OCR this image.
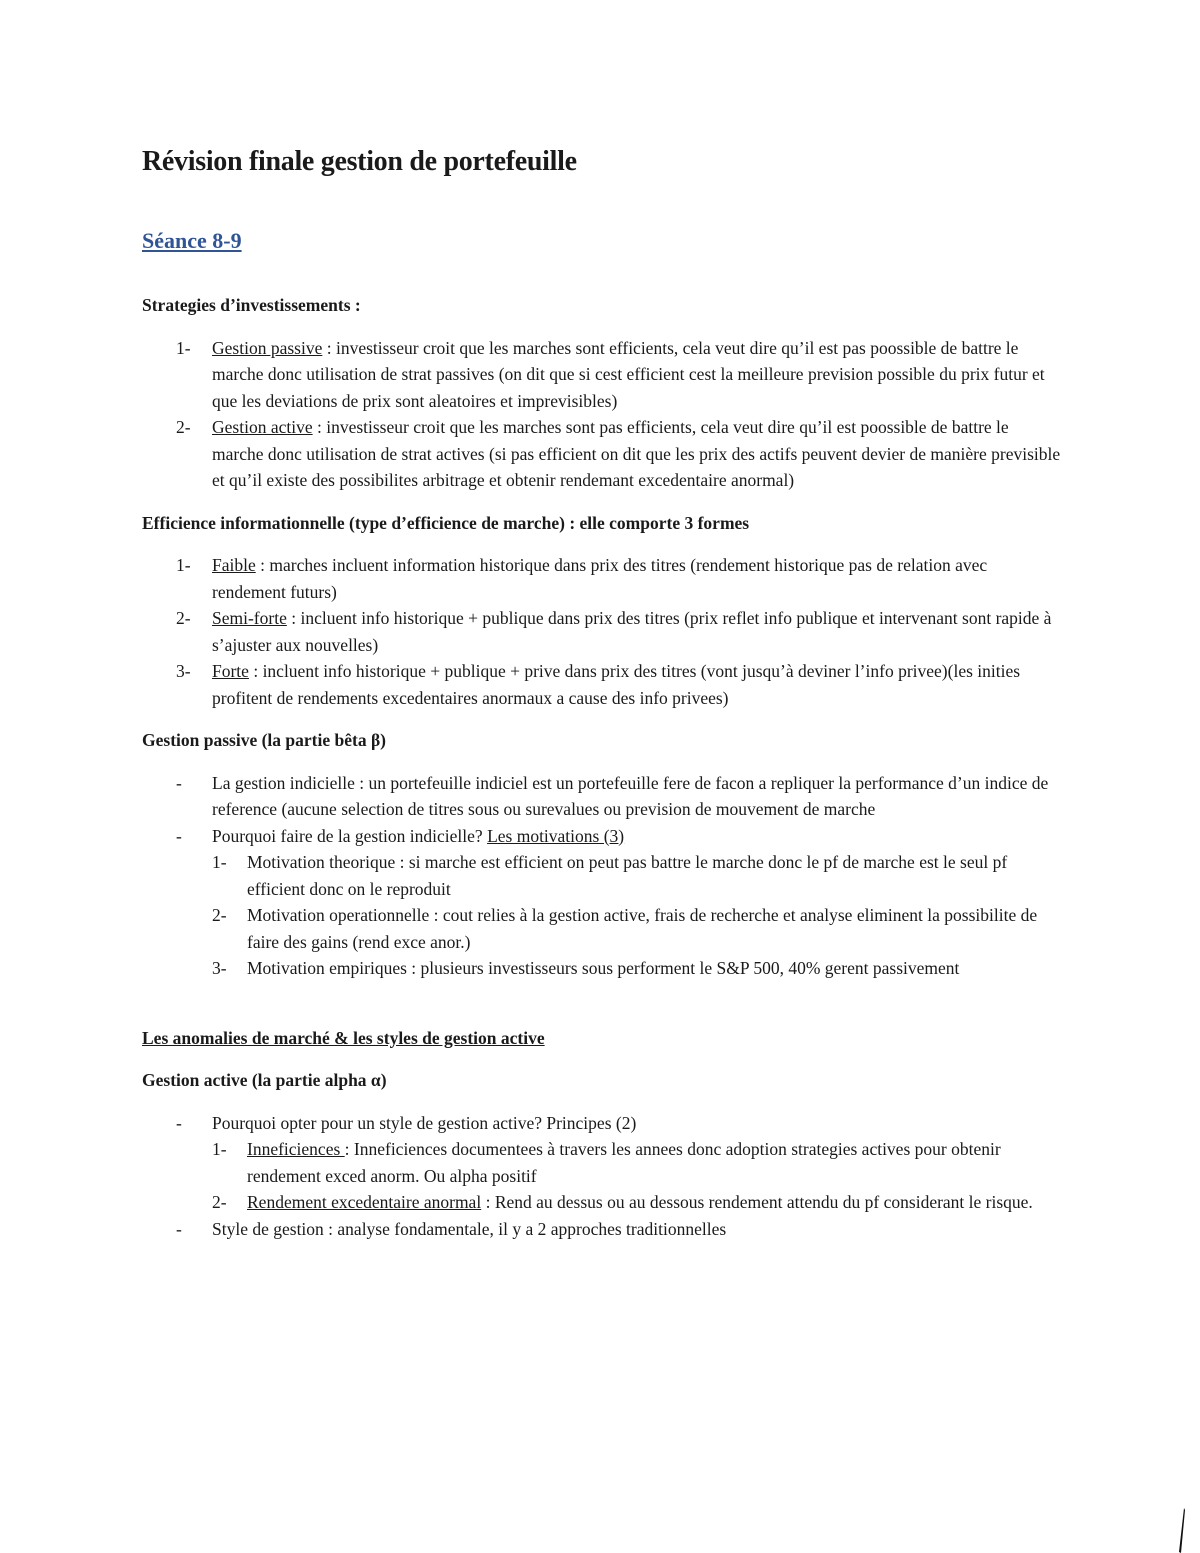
Révision finale gestion de portefeuille
Séance 8-9

Strategies d’investissements :

1-	Gestion passive : investisseur croit que les marches sont efficients, cela veut dire qu’il est pas poossible de battre le marche donc utilisation de strat passives (on dit que si cest efficient cest la meilleure prevision possible du prix futur et que les deviations de prix sont aleatoires et imprevisibles)
2-	Gestion active : investisseur croit que les marches sont pas efficients, cela veut dire qu’il est poossible de battre le marche donc utilisation de strat actives (si pas efficient on dit que les prix des actifs peuvent devier de manière previsible et qu’il existe des possibilites arbitrage et obtenir rendemant excedentaire anormal)

Efficience informationnelle (type d’efficience de marche) : elle comporte 3 formes

1-	Faible : marches incluent information historique dans prix des titres (rendement historique pas de relation avec rendement futurs)
2-	Semi-forte : incluent info historique + publique dans prix des titres (prix reflet info publique et intervenant sont rapide à s’ajuster aux nouvelles)
3-	Forte : incluent info historique + publique + prive dans prix des titres (vont jusqu’à deviner l’info privee)(les inities profitent de rendements excedentaires anormaux a cause des info privees)

Gestion passive (la partie bêta β)

-	La gestion indicielle : un portefeuille indiciel est un portefeuille fere de facon a repliquer la performance d’un indice de reference (aucune selection de titres sous ou surevalues ou prevision de mouvement de marche
-	Pourquoi faire de la gestion indicielle? Les motivations (3)
1-	Motivation theorique : si marche est efficient on peut pas battre le marche donc le pf de marche est le seul pf efficient donc on le reproduit
2-	Motivation operationnelle : cout relies à la gestion active, frais de recherche et analyse eliminent la possibilite de faire des gains (rend exce anor.)
3-	Motivation empiriques : plusieurs investisseurs sous performent le S&P 500, 40% gerent passivement

Les anomalies de marché & les styles de gestion active

Gestion active (la partie alpha α)

-	Pourquoi opter pour un style de gestion active? Principes (2)
1-	Inneficiences : Inneficiences documentees à travers les annees donc adoption strategies actives pour obtenir rendement exced anorm. Ou alpha positif
2-	Rendement excedentaire anormal : Rend au dessus ou au dessous rendement attendu du pf considerant le risque.
-	Style de gestion : analyse fondamentale, il y a 2 approches traditionnelles
